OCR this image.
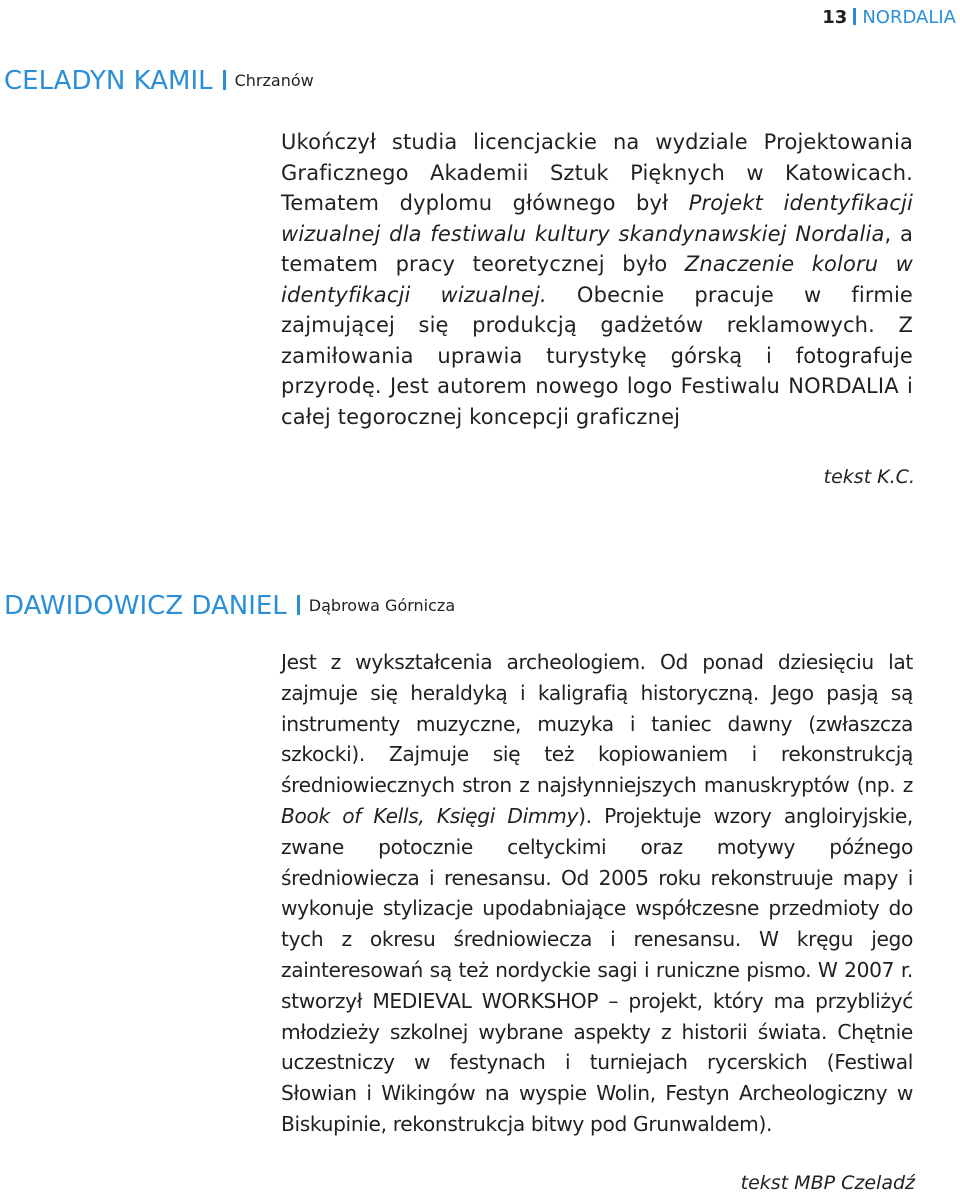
13 NORDALIA
CELADYN KAMIL Chrzanów

Ukończył studia licencjackie na wydziale Projektowania Graficznego Akademii Sztuk Pięknych w Katowicach. Tematem dyplomu głównego był Projekt identyfikacji wizualnej dla festiwalu kultury skandynawskiej Nordalia, a tematem pracy teoretycznej było Znaczenie koloru w identyfikacji wizualnej. Obecnie pracuje w firmie zajmującej się produkcją gadżetów reklamowych. Z zamiłowania uprawia turystykę górską i fotografuje przyrodę. Jest autorem nowego logo Festiwalu NORDALIA i całej tegorocznej koncepcji graficznej

tekst K.C.
DAWIDOWICZ DANIEL Dąbrowa Górnicza

Jest z wykształcenia archeologiem. Od ponad dziesięciu lat zajmuje się heraldyką i kaligrafią historyczną. Jego pasją są instrumenty muzyczne, muzyka i taniec dawny (zwłaszcza szkocki). Zajmuje się też kopiowaniem i rekonstrukcją średniowiecznych stron z najsłynniejszych manuskryptów (np. z Book of Kells, Księgi Dimmy). Projektuje wzory angloiryjskie, zwane potocznie celtyckimi oraz motywy późnego średniowiecza i renesansu. Od 2005 roku rekonstruuje mapy i wykonuje stylizacje upodabniające współczesne przedmioty do tych z okresu średniowiecza i renesansu. W kręgu jego zainteresowań są też nordyckie sagi i runiczne pismo. W 2007 r. stworzył MEDIEVAL WORKSHOP – projekt, który ma przybliżyć młodzieży szkolnej wybrane aspekty z historii świata. Chętnie uczestniczy w festynach i turniejach rycerskich (Festiwal Słowian i Wikingów na wyspie Wolin, Festyn Archeologiczny w Biskupinie, rekonstrukcja bitwy pod Grunwaldem).

tekst MBP Czeladź
